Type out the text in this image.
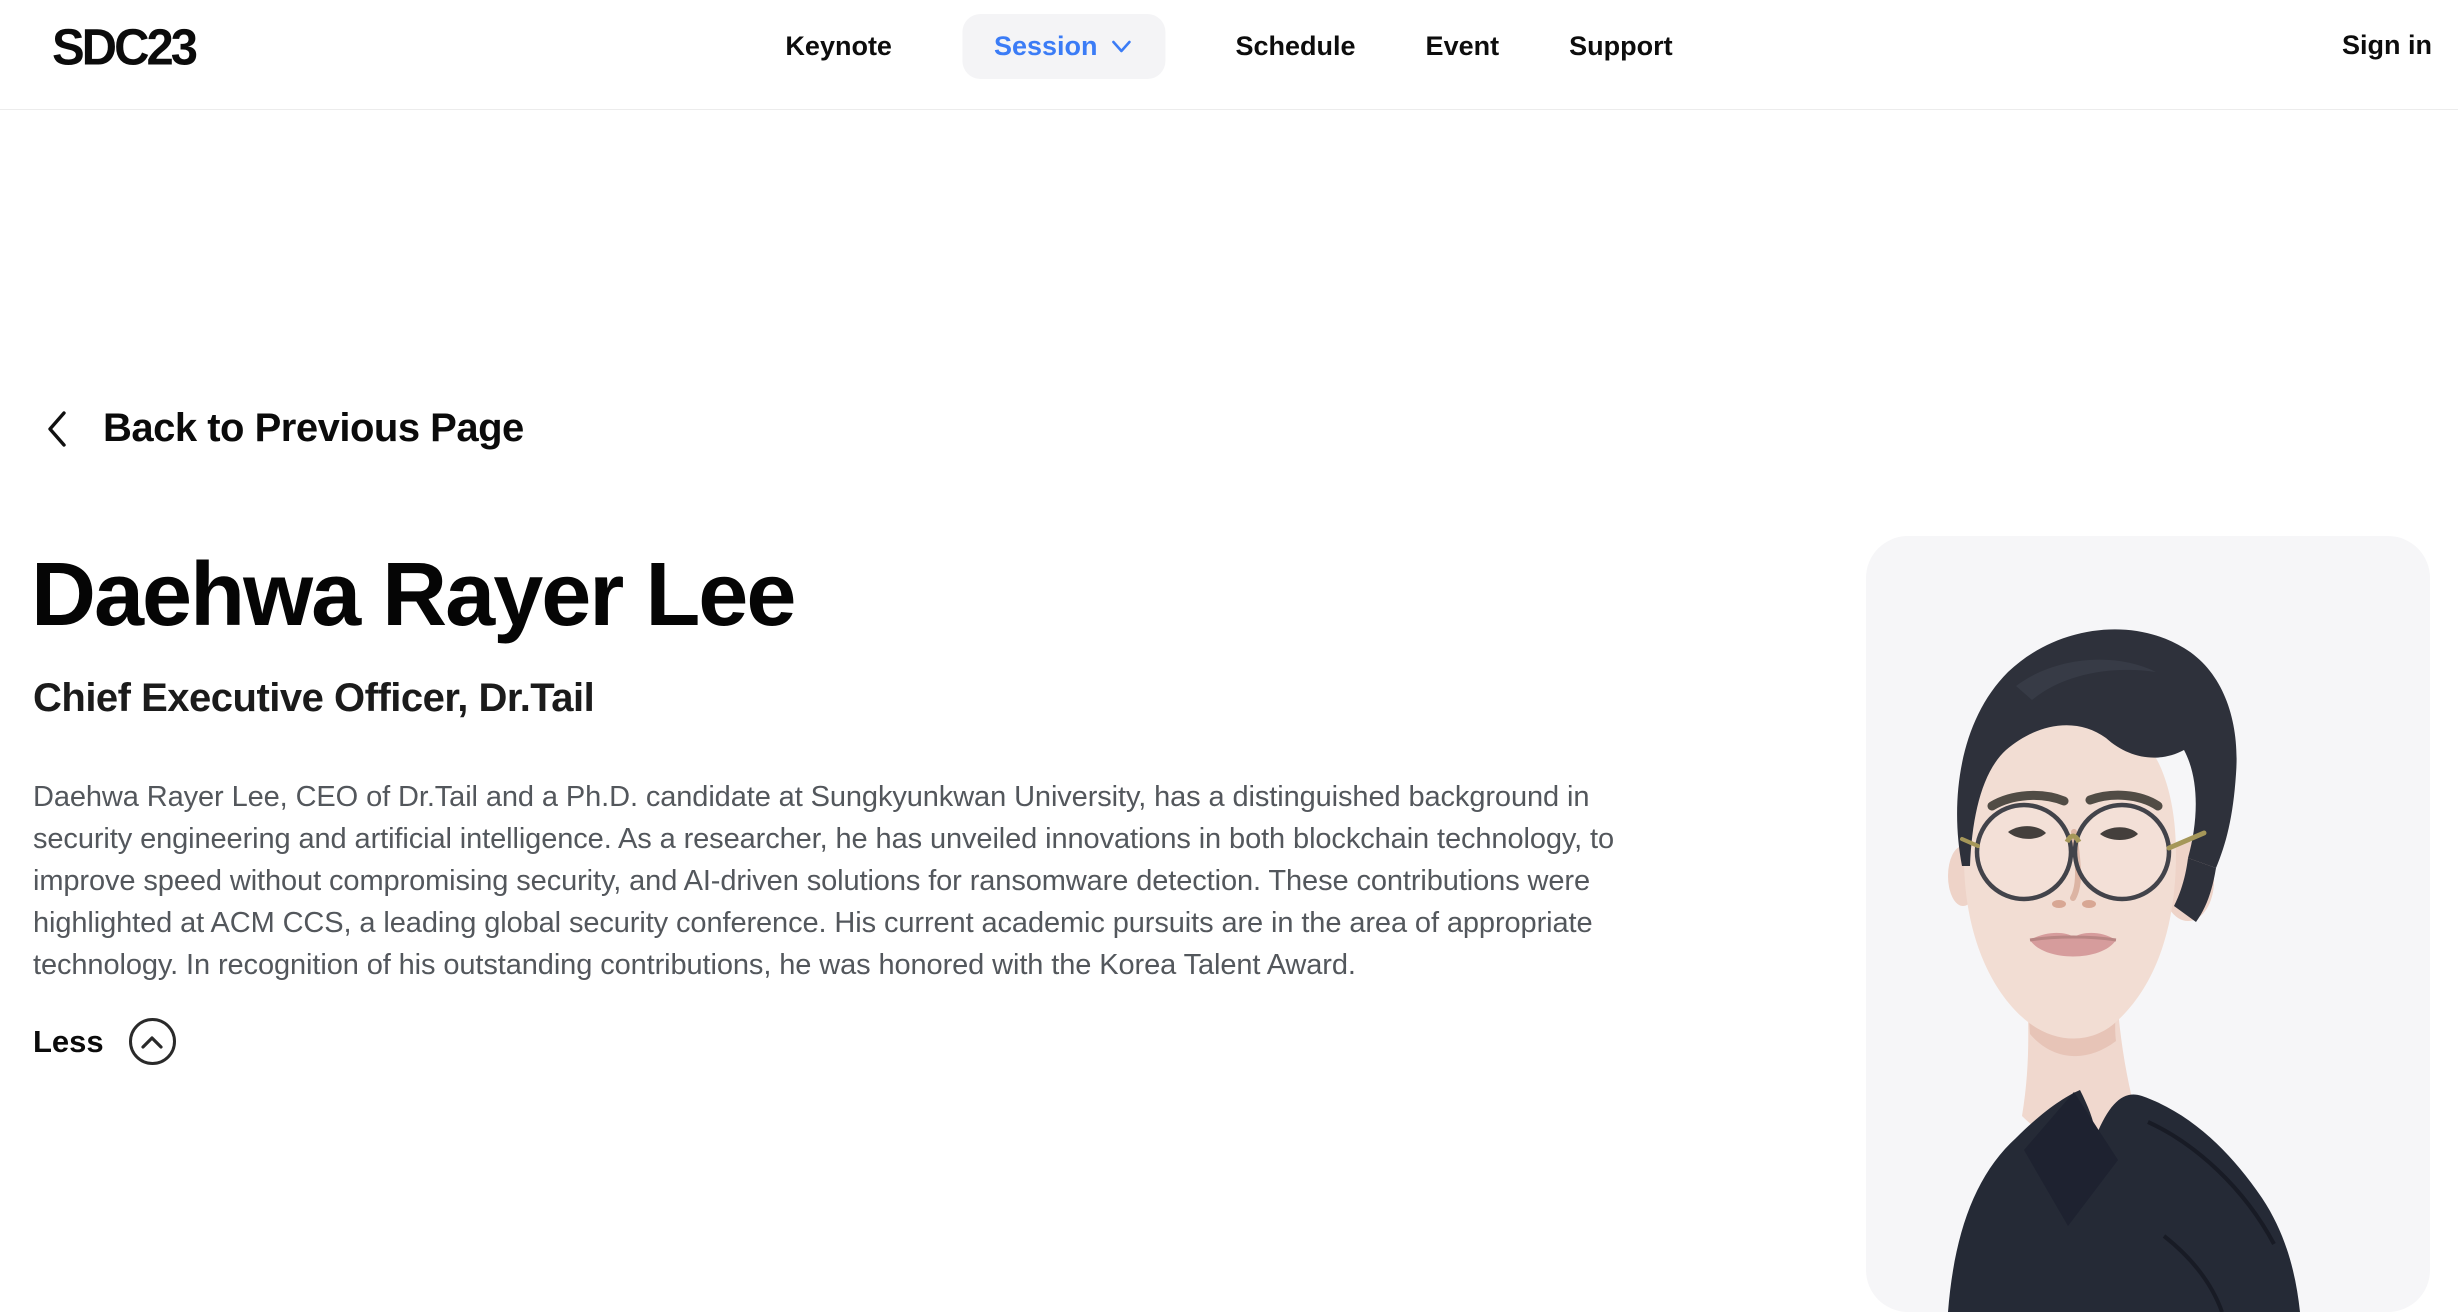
SDC23	Keynote	Session	Schedule	Event	Support	Sign in
Back to Previous Page
Daehwa Rayer Lee
Chief Executive Officer, Dr.Tail

Daehwa Rayer Lee, CEO of Dr.Tail and a Ph.D. candidate at Sungkyunkwan University, has a distinguished background in security engineering and artificial intelligence. As a researcher, he has unveiled innovations in both blockchain technology, to improve speed without compromising security, and AI-driven solutions for ransomware detection. These contributions were highlighted at ACM CCS, a leading global security conference. His current academic pursuits are in the area of appropriate technology. In recognition of his outstanding contributions, he was honored with the Korea Talent Award.

Less
